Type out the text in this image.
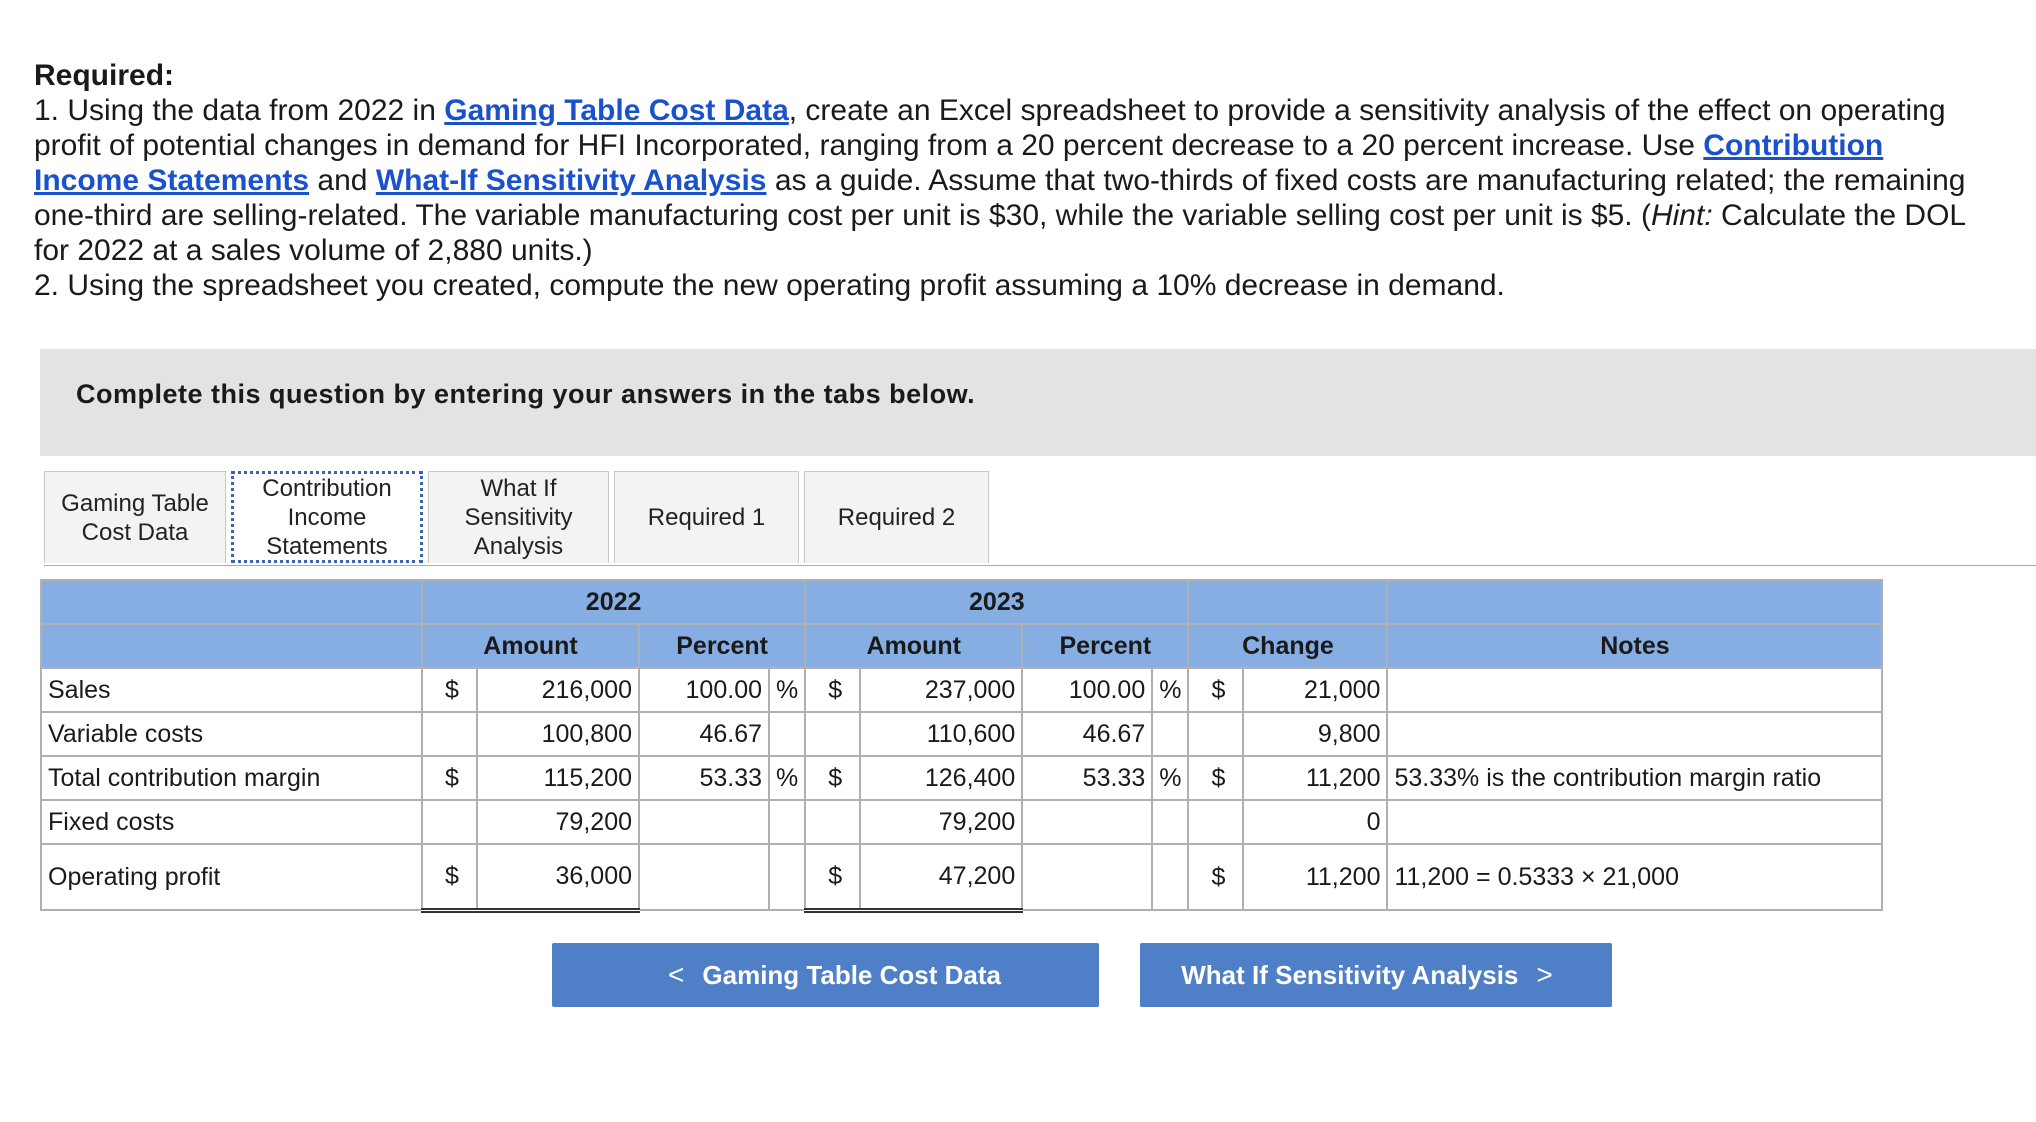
Required:

1. Using the data from 2022 in Gaming Table Cost Data, create an Excel spreadsheet to provide a sensitivity analysis of the effect on operating profit of potential changes in demand for HFI Incorporated, ranging from a 20 percent decrease to a 20 percent increase. Use Contribution Income Statements and What-If Sensitivity Analysis as a guide. Assume that two-thirds of fixed costs are manufacturing related; the remaining one-third are selling-related. The variable manufacturing cost per unit is $30, while the variable selling cost per unit is $5. (Hint: Calculate the DOL for 2022 at a sales volume of 2,880 units.)

2. Using the spreadsheet you created, compute the new operating profit assuming a 10% decrease in demand.

Complete this question by entering your answers in the tabs below.
Gaming Table
Cost Data
Contribution
Income
Statements
What If
Sensitivity
Analysis
Required 1	Required 2
	2022				2023						
	Amount		Percent		Amount		Percent		Change		Notes
Sales	$	216,000	100.00	%	$	237,000	100.00	%	$	21,000	
Variable costs		100,800	46.67			110,600	46.67			9,800	
Total contribution margin	$	115,200	53.33	%	$	126,400	53.33	%	$	11,200	53.33% is the contribution margin ratio
Fixed costs		79,200				79,200				0	
Operating profit	$	36,000			$	47,200			$	11,200	11,200 = 0.5333 × 21,000
< Gaming Table Cost Data	What If Sensitivity Analysis >
